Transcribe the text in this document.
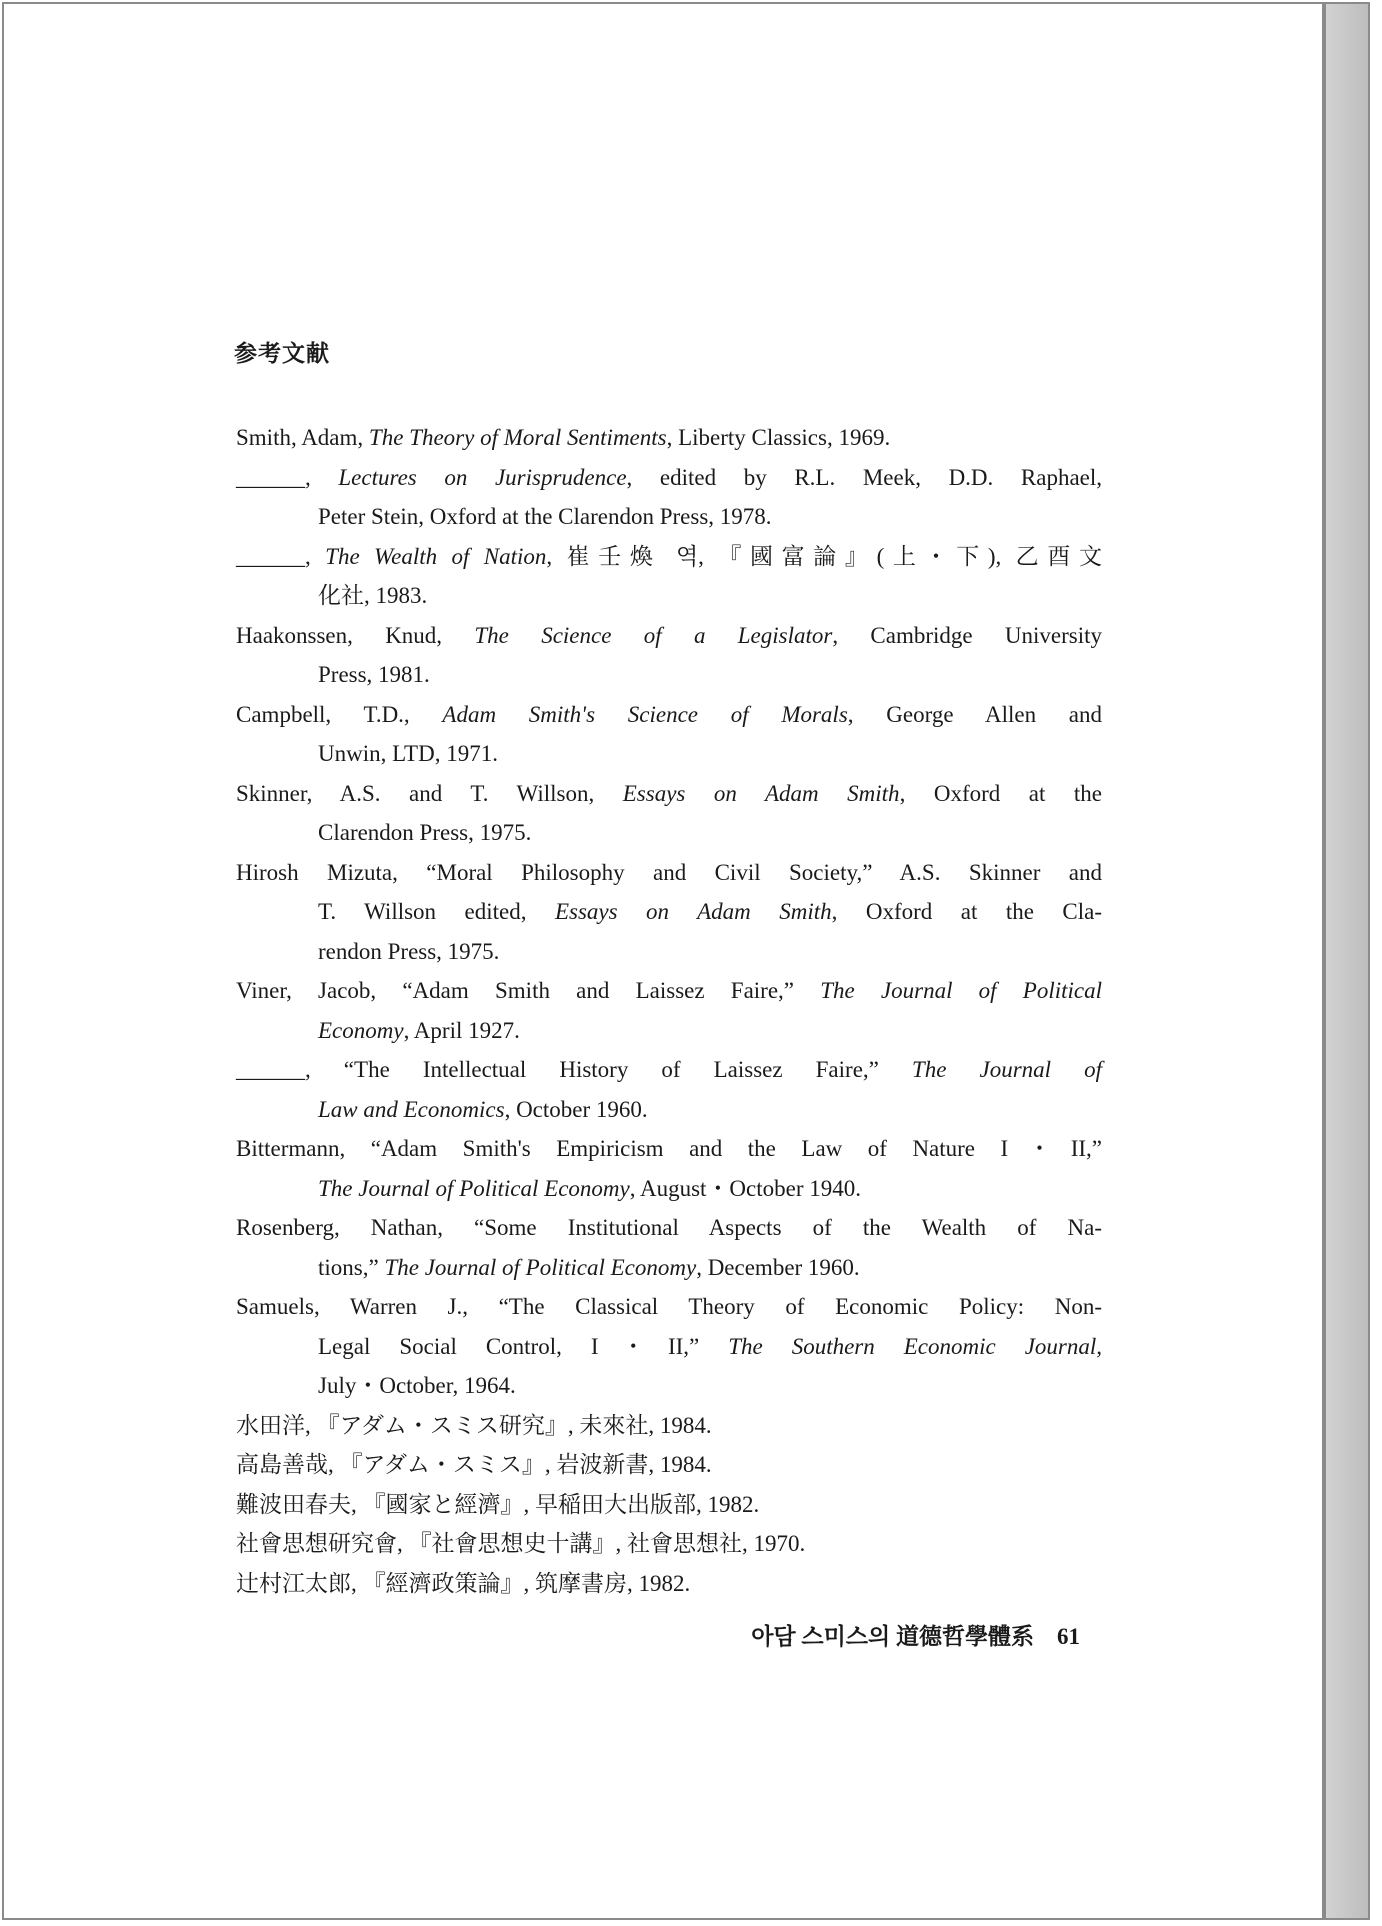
参考文献
Smith, Adam, The Theory of Moral Sentiments, Liberty Classics, 1969.
______, Lectures on Jurisprudence, edited by R.L. Meek, D.D. Raphael,
Peter Stein, Oxford at the Clarendon Press, 1978.
______, The Wealth of Nation, 崔壬煥 역, 『國富論』(上・下), 乙酉文
化社, 1983.
Haakonssen, Knud, The Science of a Legislator, Cambridge University
Press, 1981.
Campbell, T.D., Adam Smith's Science of Morals, George Allen and
Unwin, LTD, 1971.
Skinner, A.S. and T. Willson, Essays on Adam Smith, Oxford at the
Clarendon Press, 1975.
Hirosh Mizuta, “Moral Philosophy and Civil Society,” A.S. Skinner and
T. Willson edited, Essays on Adam Smith, Oxford at the Cla-
rendon Press, 1975.
Viner, Jacob, “Adam Smith and Laissez Faire,” The Journal of Political
Economy, April 1927.
______, “The Intellectual History of Laissez Faire,” The Journal of
Law and Economics, October 1960.
Bittermann, “Adam Smith's Empiricism and the Law of Nature I・II,”
The Journal of Political Economy, August・October 1940.
Rosenberg, Nathan, “Some Institutional Aspects of the Wealth of Na-
tions,” The Journal of Political Economy, December 1960.
Samuels, Warren J., “The Classical Theory of Economic Policy: Non-
Legal Social Control, I・II,” The Southern Economic Journal,
July・October, 1964.
水田洋, 『アダム・スミス研究』, 未來社, 1984.
高島善哉, 『アダム・スミス』, 岩波新書, 1984.
難波田春夫, 『國家と經濟』, 早稲田大出版部, 1982.
社會思想研究會, 『社會思想史十講』, 社會思想社, 1970.
辻村江太郎, 『經濟政策論』, 筑摩書房, 1982.
아담 스미스의 道德哲學體系 61
